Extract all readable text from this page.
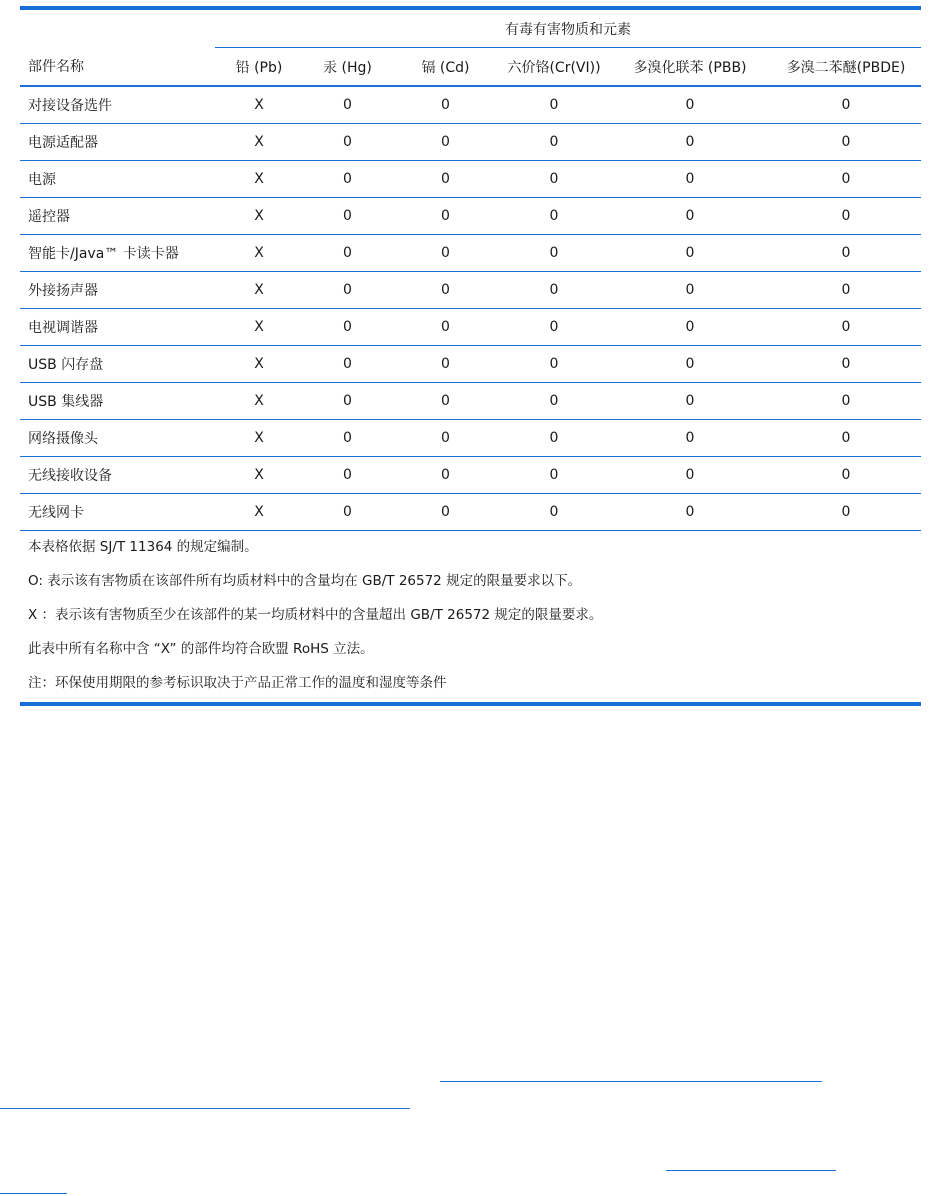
	有毒有害物质和元素					
部件名称	铅 (Pb)	汞 (Hg)	镉 (Cd)	六价铬(Cr(VI))	多溴化联苯 (PBB)	多溴二苯醚(PBDE)
对接设备选件	X	0	0	0	0	0
电源适配器	X	0	0	0	0	0
电源	X	0	0	0	0	0
遥控器	X	0	0	0	0	0
智能卡/Java™ 卡读卡器	X	0	0	0	0	0
外接扬声器	X	0	0	0	0	0
电视调谐器	X	0	0	0	0	0
USB 闪存盘	X	0	0	0	0	0
USB 集线器	X	0	0	0	0	0
网络摄像头	X	0	0	0	0	0
无线接收设备	X	0	0	0	0	0
无线网卡	X	0	0	0	0	0
本表格依据 SJ/T 11364 的规定编制。
O: 表示该有害物质在该部件所有均质材料中的含量均在 GB/T 26572 规定的限量要求以下。
X ：表示该有害物质至少在该部件的某一均质材料中的含量超出 GB/T 26572 规定的限量要求。
此表中所有名称中含 “X” 的部件均符合欧盟 RoHS 立法。
注：环保使用期限的参考标识取决于产品正常工作的温度和湿度等条件
